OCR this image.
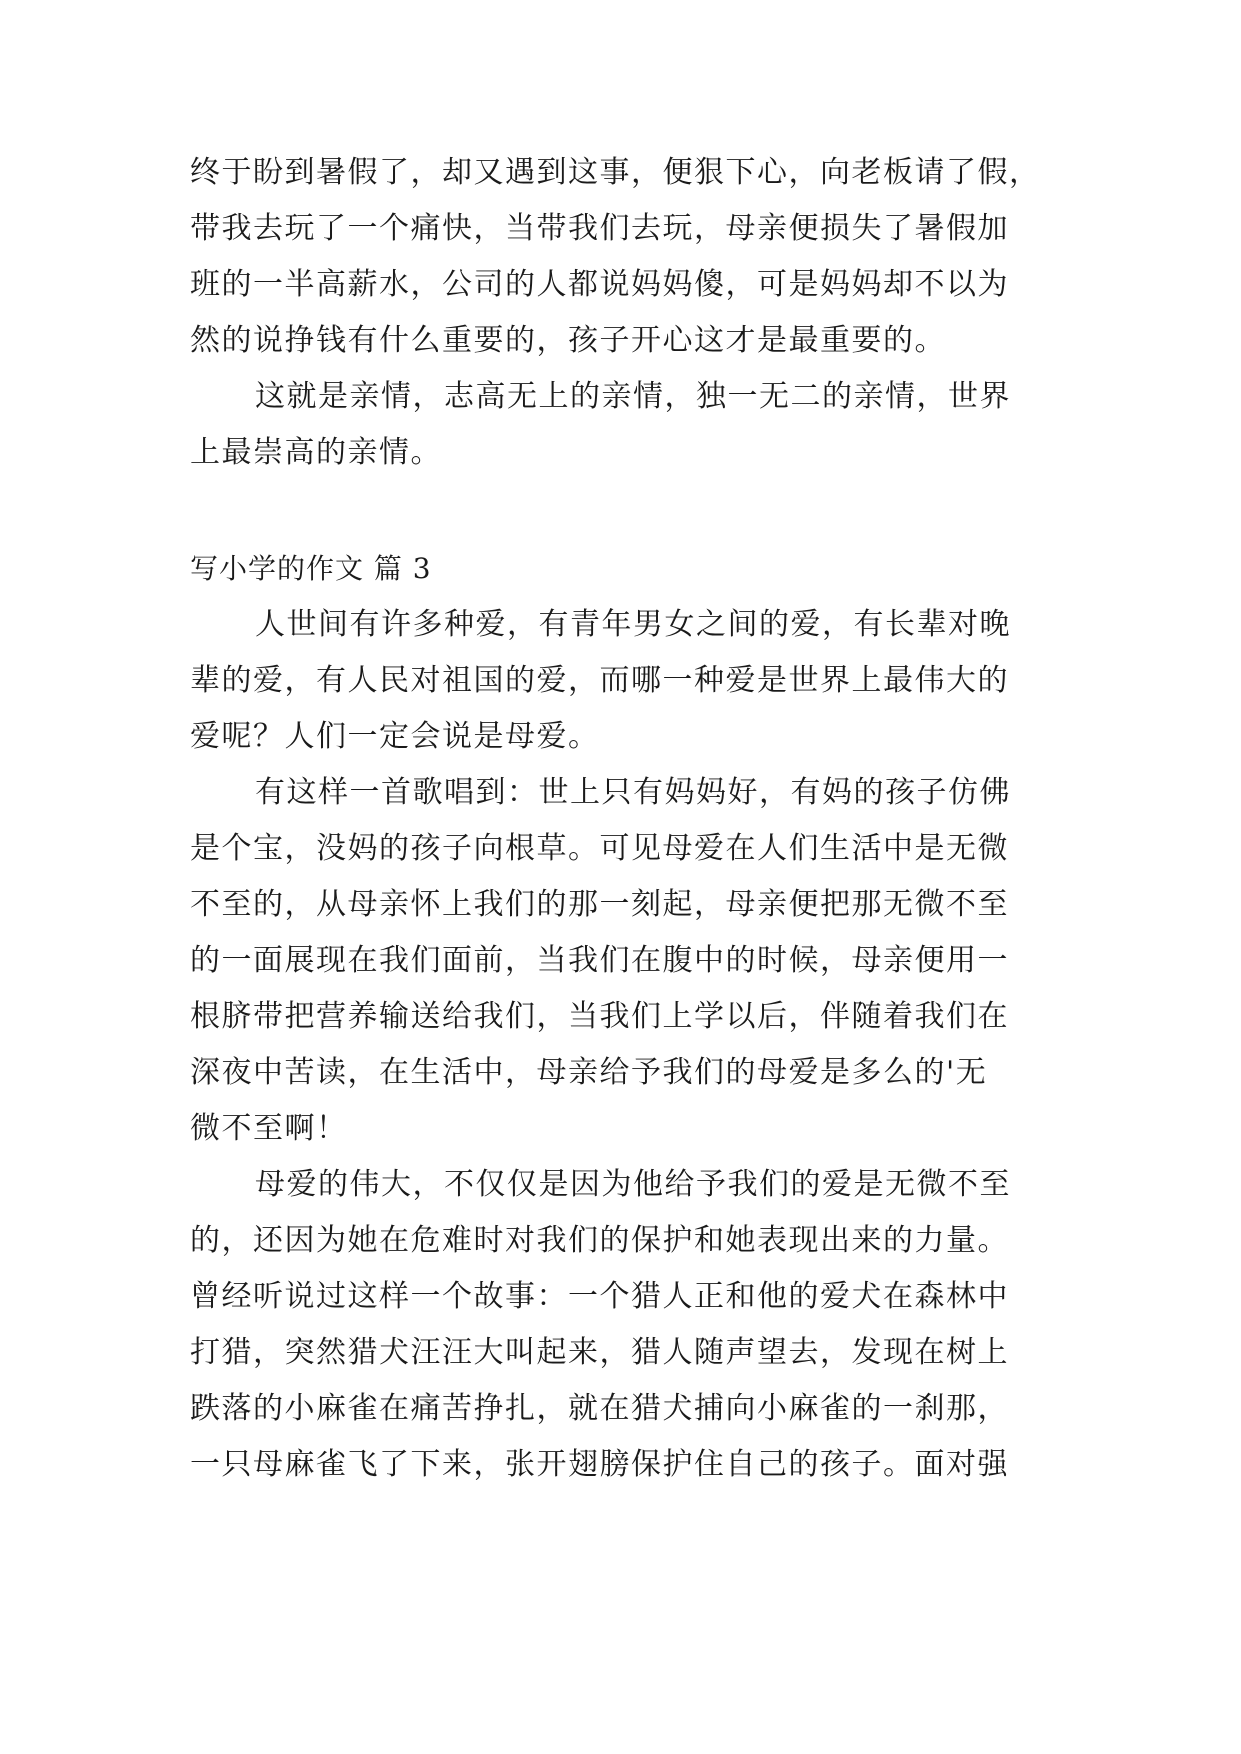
终于盼到暑假了，却又遇到这事，便狠下心，向老板请了假，
带我去玩了一个痛快，当带我们去玩，母亲便损失了暑假加
班的一半高薪水，公司的人都说妈妈傻，可是妈妈却不以为
然的说挣钱有什么重要的，孩子开心这才是最重要的。
这就是亲情，志高无上的亲情，独一无二的亲情，世界
上最崇高的亲情。
写小学的作文 篇 3
人世间有许多种爱，有青年男女之间的爱，有长辈对晚
辈的爱，有人民对祖国的爱，而哪一种爱是世界上最伟大的
爱呢？人们一定会说是母爱。
有这样一首歌唱到：世上只有妈妈好，有妈的孩子仿佛
是个宝，没妈的孩子向根草。可见母爱在人们生活中是无微
不至的，从母亲怀上我们的那一刻起，母亲便把那无微不至
的一面展现在我们面前，当我们在腹中的时候，母亲便用一
根脐带把营养输送给我们，当我们上学以后，伴随着我们在
深夜中苦读，在生活中，母亲给予我们的母爱是多么的'无
微不至啊！
母爱的伟大，不仅仅是因为他给予我们的爱是无微不至
的，还因为她在危难时对我们的保护和她表现出来的力量。
曾经听说过这样一个故事：一个猎人正和他的爱犬在森林中
打猎，突然猎犬汪汪大叫起来，猎人随声望去，发现在树上
跌落的小麻雀在痛苦挣扎，就在猎犬捕向小麻雀的一刹那，
一只母麻雀飞了下来，张开翅膀保护住自己的孩子。面对强
